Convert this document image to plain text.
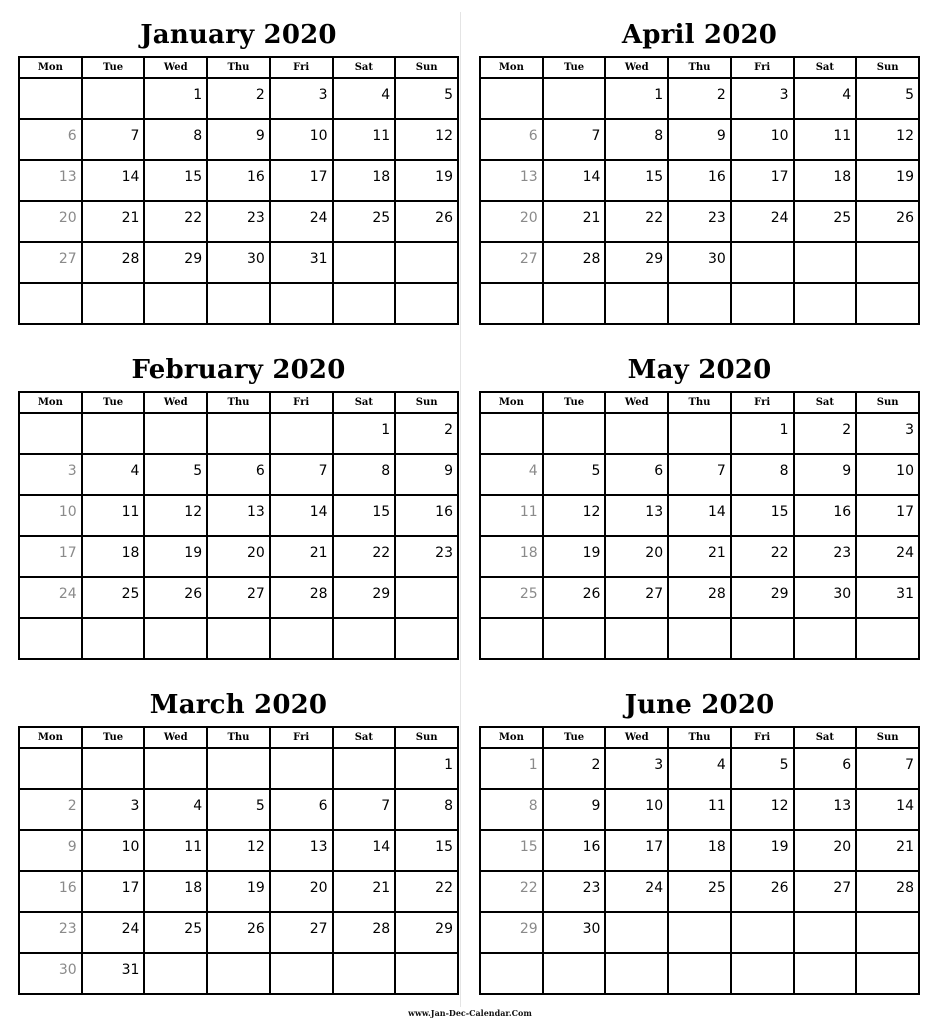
January 2020
Mon	Tue	Wed	Thu	Fri	Sat	Sun
		1	2	3	4	5
6	7	8	9	10	11	12
13	14	15	16	17	18	19
20	21	22	23	24	25	26
27	28	29	30	31		

April 2020
Mon	Tue	Wed	Thu	Fri	Sat	Sun
		1	2	3	4	5
6	7	8	9	10	11	12
13	14	15	16	17	18	19
20	21	22	23	24	25	26
27	28	29	30			

February 2020
Mon	Tue	Wed	Thu	Fri	Sat	Sun
					1	2
3	4	5	6	7	8	9
10	11	12	13	14	15	16
17	18	19	20	21	22	23
24	25	26	27	28	29	

May 2020
Mon	Tue	Wed	Thu	Fri	Sat	Sun
				1	2	3
4	5	6	7	8	9	10
11	12	13	14	15	16	17
18	19	20	21	22	23	24
25	26	27	28	29	30	31

March 2020
Mon	Tue	Wed	Thu	Fri	Sat	Sun
						1
2	3	4	5	6	7	8
9	10	11	12	13	14	15
16	17	18	19	20	21	22
23	24	25	26	27	28	29
30	31					
June 2020
Mon	Tue	Wed	Thu	Fri	Sat	Sun
1	2	3	4	5	6	7
8	9	10	11	12	13	14
15	16	17	18	19	20	21
22	23	24	25	26	27	28
29	30					

www.Jan-Dec-Calendar.Com
